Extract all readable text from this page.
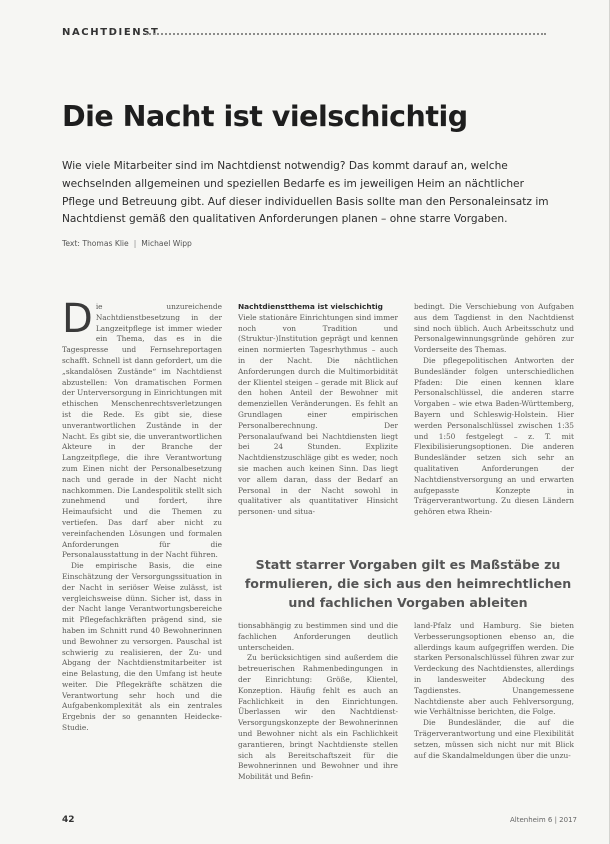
NACHTDIENST
Die Nacht ist vielschichtig

Wie viele Mitarbeiter sind im Nachtdienst notwendig? Das kommt darauf an, welche wechselnden allgemeinen und speziellen Bedarfe es im jeweiligen Heim an nächtlicher Pflege und Betreuung gibt. Auf dieser individuellen Basis sollte man den Personaleinsatz im Nachtdienst gemäß den qualitativen Anforderungen planen – ohne starre Vorgaben.

Text: Thomas Klie | Michael Wipp

Die unzureichende Nachtdienstbesetzung in der Langzeitpflege ist immer wieder ein Thema, das es in die Tagespresse und Fernsehreportagen schafft. Schnell ist dann gefordert, um die „skandalösen Zustände“ im Nachtdienst abzustellen: Von dramatischen Formen der Unterversorgung in Einrichtungen mit ethischen Menschenrechtsverletzungen ist die Rede. Es gibt sie, diese unverantwortlichen Zustände in der Nacht. Es gibt sie, die unverantwortlichen Akteure in der Branche der Langzeitpflege, die ihre Verantwortung zum Einen nicht der Personalbesetzung nach und gerade in der Nacht nicht nachkommen. Die Landespolitik stellt sich zunehmend und fordert, ihre Heimaufsicht und die Themen zu vertiefen. Das darf aber nicht zu vereinfachenden Lösungen und formalen Anforderungen für die Personalausstattung in der Nacht führen.

Die empirische Basis, die eine Einschätzung der Versorgungssituation in der Nacht in seriöser Weise zulässt, ist vergleichsweise dünn. Sicher ist, dass in der Nacht lange Verantwortungsbereiche mit Pflegefachkräften prägend sind, sie haben im Schnitt rund 40 Bewohnerinnen und Bewohner zu versorgen. Pauschal ist schwierig zu realisieren, der Zu- und Abgang der Nachtdienstmitarbeiter ist eine Belastung, die den Umfang ist heute weiter. Die Pflegekräfte schätzen die Verantwortung sehr hoch und die Aufgabenkomplexität als ein zentrales Ergebnis der so genannten Heidecke-Studie.

Nachtdienstthema ist vielschichtig

Viele stationäre Einrichtungen sind immer noch von Tradition und (Struktur-)Institution geprägt und kennen einen normierten Tagesrhythmus – auch in der Nacht. Die nächtlichen Anforderungen durch die Multimorbidität der Klientel steigen – gerade mit Blick auf den hohen Anteil der Bewohner mit demenziellen Veränderungen. Es fehlt an Grundlagen einer empirischen Personalberechnung. Der Personalaufwand bei Nachtdiensten liegt bei 24 Stunden. Explizite Nachtdienstzuschläge gibt es weder, noch sie machen auch keinen Sinn. Das liegt vor allem daran, dass der Bedarf an Personal in der Nacht sowohl in qualitativer als quantitativer Hinsicht personen- und situa-

bedingt. Die Verschiebung von Aufgaben aus dem Tagdienst in den Nachtdienst sind noch üblich. Auch Arbeitsschutz und Personalgewinnungsgründe gehören zur Vorderseite des Themas.

Die pflegepolitischen Antworten der Bundesländer folgen unterschiedlichen Pfaden: Die einen kennen klare Personalschlüssel, die anderen starre Vorgaben – wie etwa Baden-Württemberg, Bayern und Schleswig-Holstein. Hier werden Personalschlüssel zwischen 1:35 und 1:50 festgelegt – z. T. mit Flexibilisierungsoptionen. Die anderen Bundesländer setzen sich sehr an qualitativen Anforderungen der Nachtdienstversorgung an und erwarten aufgepasste Konzepte in Trägerverantwortung. Zu diesen Ländern gehören etwa Rhein-

Statt starrer Vorgaben gilt es Maßstäbe zu formulieren, die sich aus den heimrechtlichen und fachlichen Vorgaben ableiten

tionsabhängig zu bestimmen sind und die fachlichen Anforderungen deutlich unterscheiden.

Zu berücksichtigen sind außerdem die betreuerischen Rahmenbedingungen in der Einrichtung: Größe, Klientel, Konzeption. Häufig fehlt es auch an Fachlichkeit in den Einrichtungen. Überlassen wir den Nachtdienst-Versorgungskonzepte der Bewohnerinnen und Bewohner nicht als ein Fachlichkeit garantieren, bringt Nachtdienste stellen sich als Bereitschaftszeit für die Bewohnerinnen und Bewohner und ihre Mobilität und Befin-

land-Pfalz und Hamburg. Sie bieten Verbesserungsoptionen ebenso an, die allerdings kaum aufgegriffen werden. Die starken Personalschlüssel führen zwar zur Verdeckung des Nachtdienstes, allerdings in landesweiter Abdeckung des Tagdienstes. Unangemessene Nachtdienste aber auch Fehlversorgung, wie Verhältnisse berichten, die Folge.

Die Bundesländer, die auf die Trägerverantwortung und eine Flexibilität setzen, müssen sich nicht nur mit Blick auf die Skandalmeldungen über die unzu-

42	Altenheim 6 | 2017
